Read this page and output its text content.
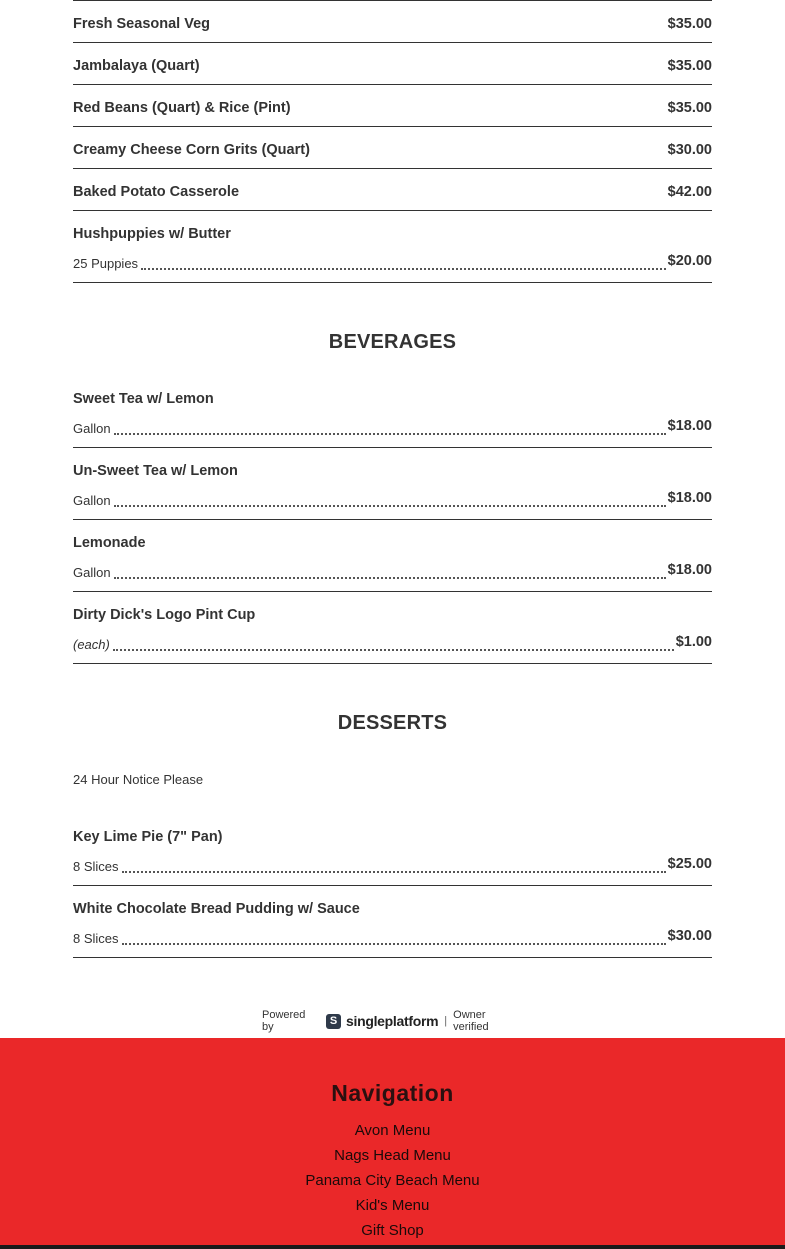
Fresh Seasonal Veg	$35.00
Jambalaya (Quart)	$35.00
Red Beans (Quart) & Rice (Pint)	$35.00
Creamy Cheese Corn Grits (Quart)	$30.00
Baked Potato Casserole	$42.00
Hushpuppies w/ Butter
25 Puppies	$20.00
BEVERAGES
Sweet Tea w/ Lemon
Gallon	$18.00
Un-Sweet Tea w/ Lemon
Gallon	$18.00
Lemonade
Gallon	$18.00
Dirty Dick's Logo Pint Cup
(each)	$1.00
DESSERTS
24 Hour Notice Please
Key Lime Pie (7" Pan)
8 Slices	$25.00
White Chocolate Bread Pudding w/ Sauce
8 Slices	$30.00
Powered by
S singleplatform | Owner verified
Navigation
Avon Menu
Nags Head Menu
Panama City Beach Menu
Kid's Menu
Gift Shop
